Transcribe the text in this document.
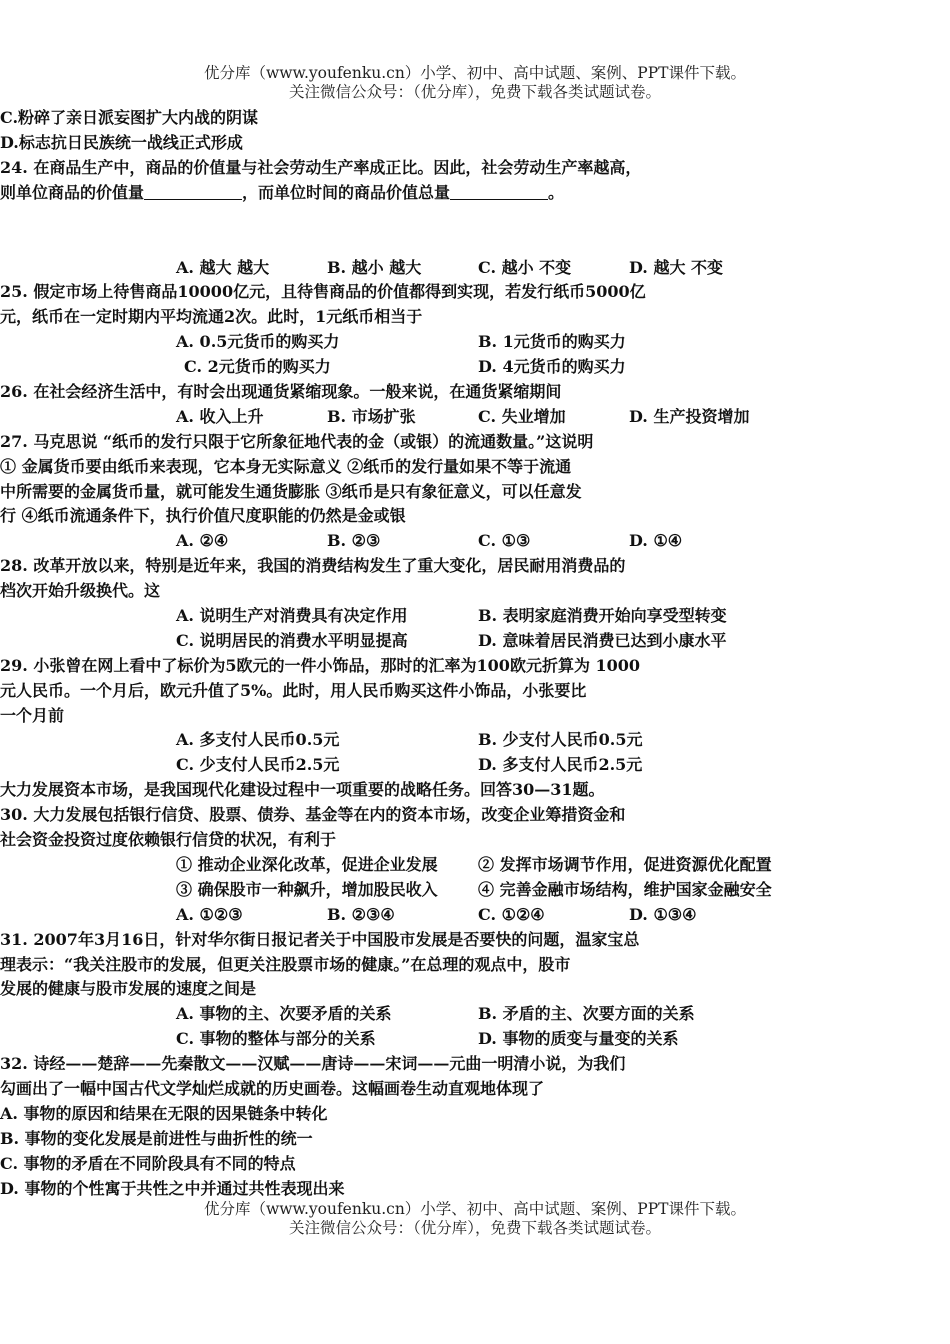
优分库（www.youfenku.cn）小学、初中、高中试题、案例、PPT课件下载。
关注微信公众号：（优分库），免费下载各类试题试卷。
C.粉碎了亲日派妄图扩大内战的阴谋
D.标志抗日民族统一战线正式形成
24. 在商品生产中，商品的价值量与社会劳动生产率成正比。因此，社会劳动生产率越高，
则单位商品的价值量	，而单位时间的商品价值总量	。
A. 越大 越大	B. 越小 越大	C. 越小 不变	D. 越大 不变
25. 假定市场上待售商品10000亿元，且待售商品的价值都得到实现，若发行纸币5000亿
元，纸币在一定时期内平均流通2次。此时，1元纸币相当于
A. 0.5元货币的购买力	B. 1元货币的购买力
C. 2元货币的购买力	D. 4元货币的购买力
26. 在社会经济生活中，有时会出现通货紧缩现象。一般来说，在通货紧缩期间
A. 收入上升	B. 市场扩张	C. 失业增加	D. 生产投资增加
27. 马克思说 “纸币的发行只限于它所象征地代表的金（或银）的流通数量。”这说明
① 金属货币要由纸币来表现，它本身无实际意义 ②纸币的发行量如果不等于流通
中所需要的金属货币量，就可能发生通货膨胀 ③纸币是只有象征意义，可以任意发
行 ④纸币流通条件下，执行价值尺度职能的仍然是金或银
A. ②④	B. ②③	C. ①③	D. ①④
28. 改革开放以来，特别是近年来，我国的消费结构发生了重大变化，居民耐用消费品的
档次开始升级换代。这
A. 说明生产对消费具有决定作用	B. 表明家庭消费开始向享受型转变
C. 说明居民的消费水平明显提高	D. 意味着居民消费已达到小康水平
29. 小张曾在网上看中了标价为5欧元的一件小饰品，那时的汇率为100欧元折算为 1000
元人民币。一个月后，欧元升值了5%。此时，用人民币购买这件小饰品，小张要比
一个月前
A. 多支付人民币0.5元	B. 少支付人民币0.5元
C. 少支付人民币2.5元	D. 多支付人民币2.5元
大力发展资本市场，是我国现代化建设过程中一项重要的战略任务。回答30—31题。
30. 大力发展包括银行信贷、股票、债券、基金等在内的资本市场，改变企业筹措资金和
社会资金投资过度依赖银行信贷的状况，有利于
① 推动企业深化改革，促进企业发展	② 发挥市场调节作用，促进资源优化配置
③ 确保股市一种飙升，增加股民收入	④ 完善金融市场结构，维护国家金融安全
A. ①②③	B. ②③④	C. ①②④	D. ①③④
31. 2007年3月16日，针对华尔街日报记者关于中国股市发展是否要快的问题，温家宝总
理表示：“我关注股市的发展，但更关注股票市场的健康。”在总理的观点中，股市
发展的健康与股市发展的速度之间是
A. 事物的主、次要矛盾的关系	B. 矛盾的主、次要方面的关系
C. 事物的整体与部分的关系	D. 事物的质变与量变的关系
32. 诗经——楚辞——先秦散文——汉赋——唐诗——宋词——元曲一明清小说，为我们
勾画出了一幅中国古代文学灿烂成就的历史画卷。这幅画卷生动直观地体现了
A. 事物的原因和结果在无限的因果链条中转化
B. 事物的变化发展是前进性与曲折性的统一
C. 事物的矛盾在不同阶段具有不同的特点
D. 事物的个性寓于共性之中并通过共性表现出来
优分库（www.youfenku.cn）小学、初中、高中试题、案例、PPT课件下载。
关注微信公众号：（优分库），免费下载各类试题试卷。
